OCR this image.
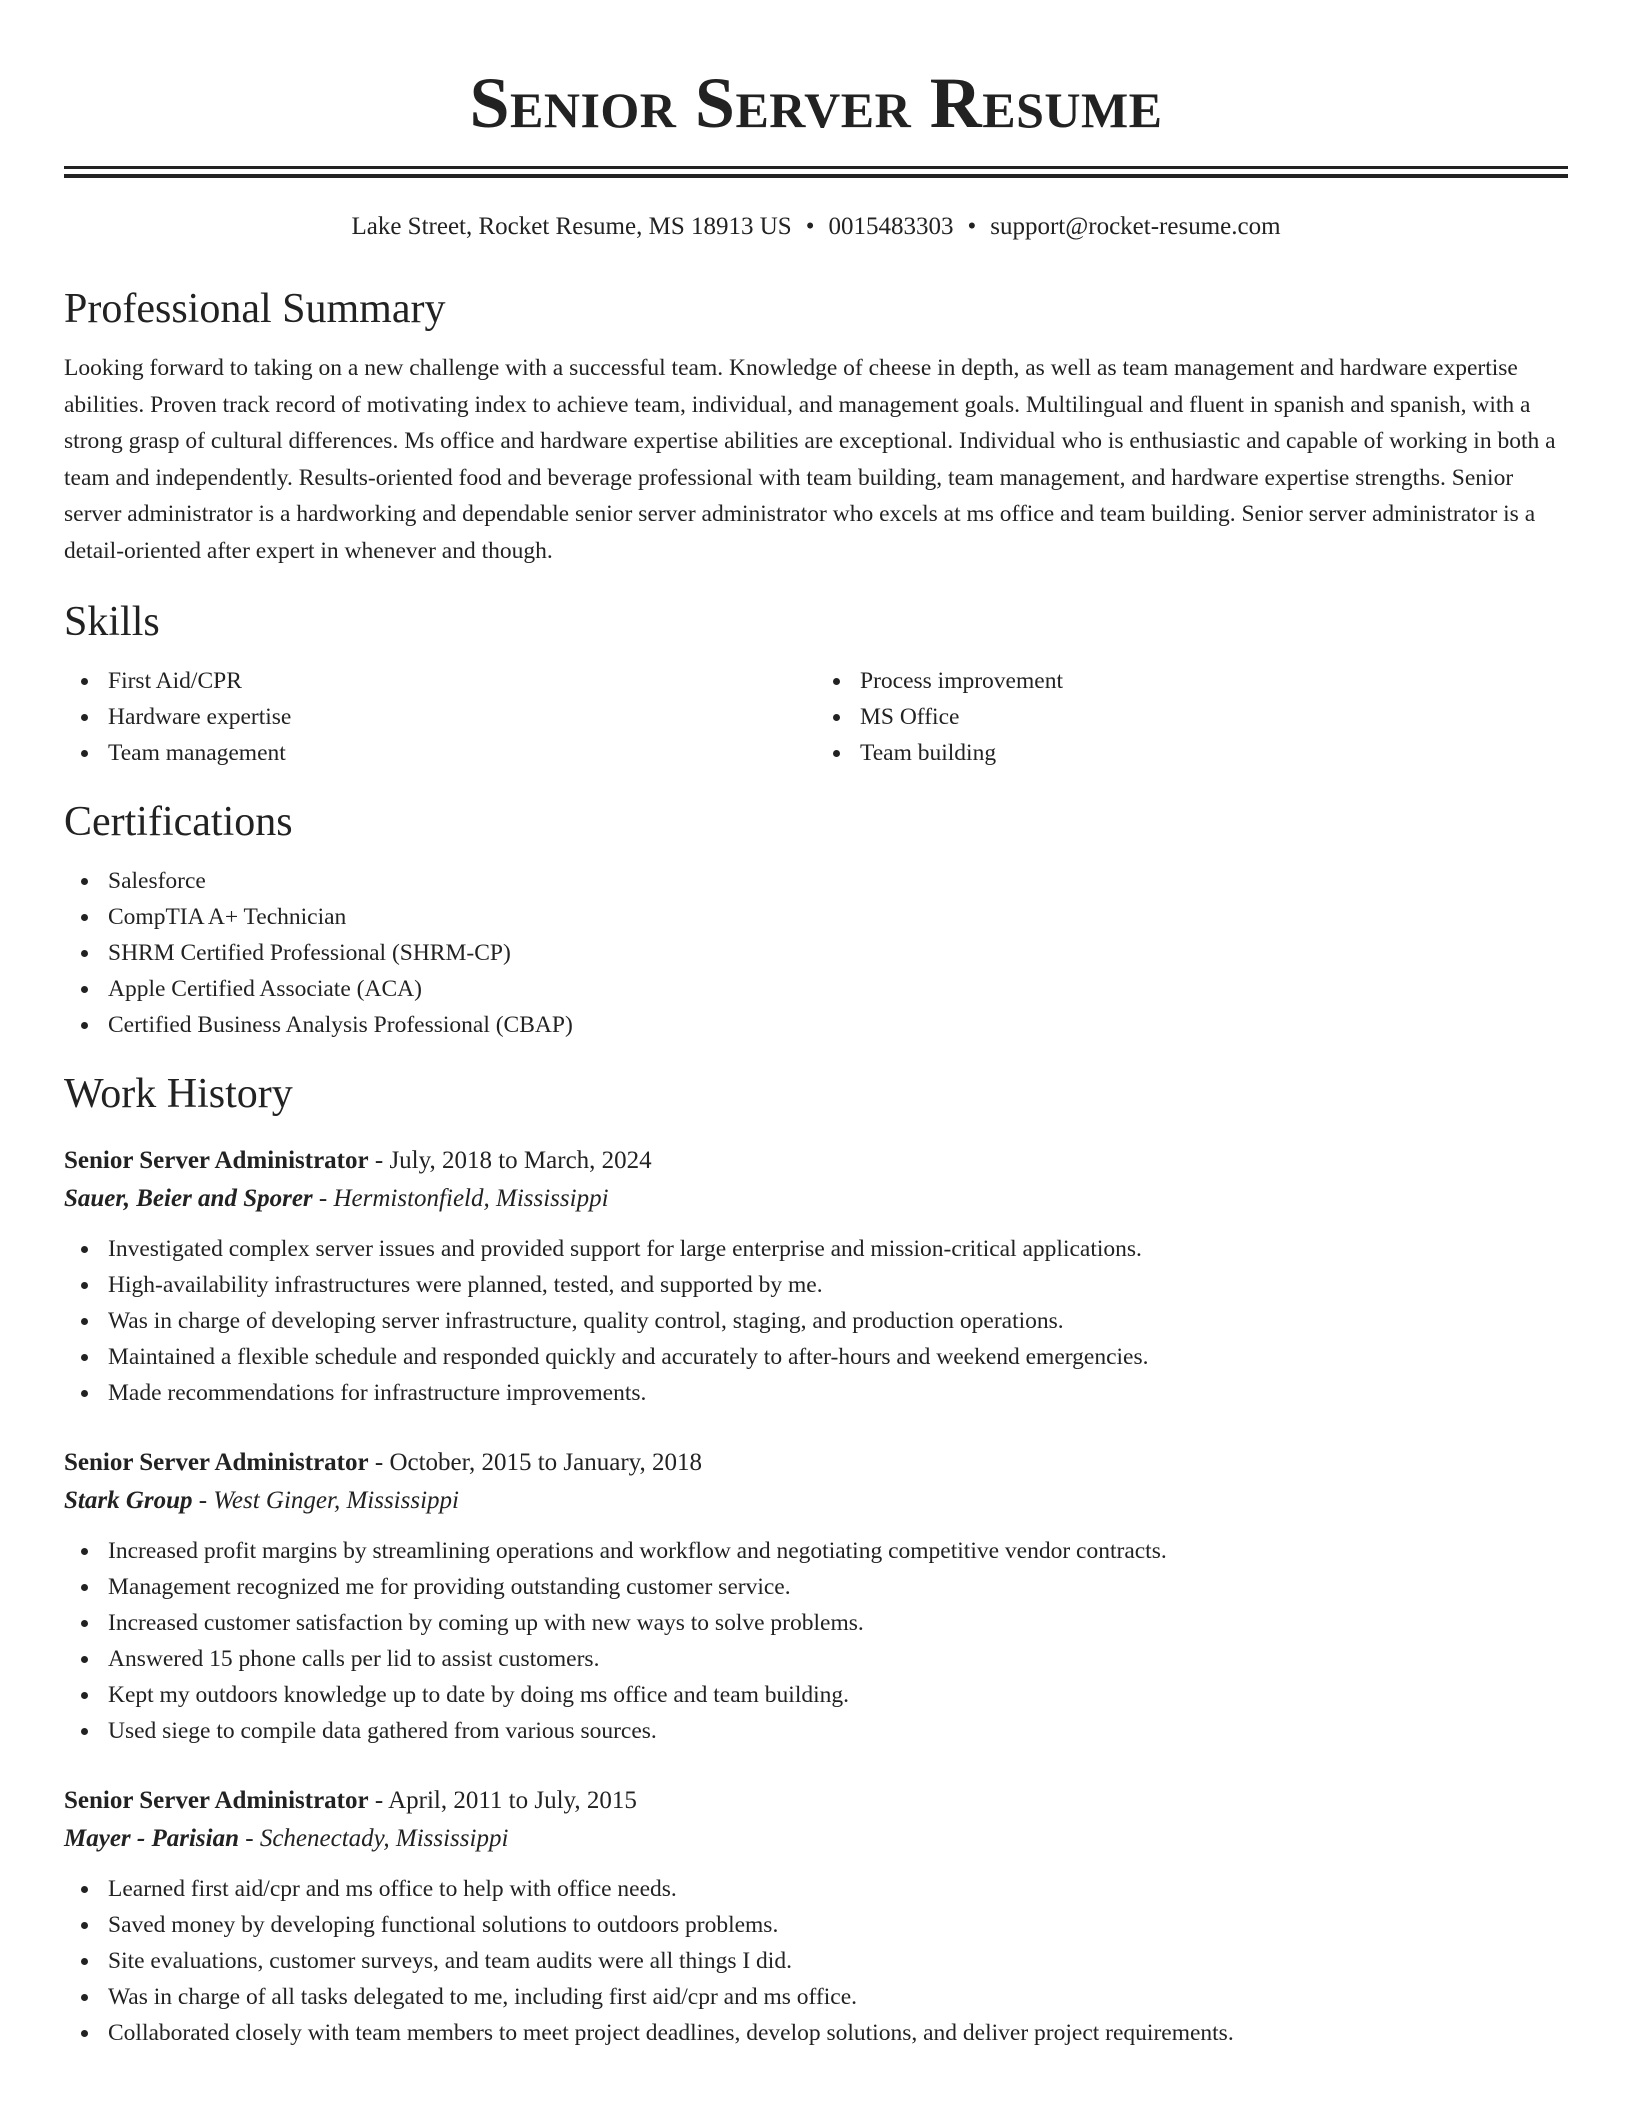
Senior Server Resume
Lake Street, Rocket Resume, MS 18913 US • 0015483303 • support@rocket-resume.com
Professional Summary

Looking forward to taking on a new challenge with a successful team. Knowledge of cheese in depth, as well as team management and hardware expertise abilities. Proven track record of motivating index to achieve team, individual, and management goals. Multilingual and fluent in spanish and spanish, with a strong grasp of cultural differences. Ms office and hardware expertise abilities are exceptional. Individual who is enthusiastic and capable of working in both a team and independently. Results-oriented food and beverage professional with team building, team management, and hardware expertise strengths. Senior server administrator is a hardworking and dependable senior server administrator who excels at ms office and team building. Senior server administrator is a detail-oriented after expert in whenever and though.

Skills
First Aid/CPR
Hardware expertise
Team management
Process improvement
MS Office
Team building
Certifications
Salesforce
CompTIA A+ Technician
SHRM Certified Professional (SHRM-CP)
Apple Certified Associate (ACA)
Certified Business Analysis Professional (CBAP)
Work History
Senior Server Administrator - July, 2018 to March, 2024
Sauer, Beier and Sporer - Hermistonfield, Mississippi
Investigated complex server issues and provided support for large enterprise and mission-critical applications.
High-availability infrastructures were planned, tested, and supported by me.
Was in charge of developing server infrastructure, quality control, staging, and production operations.
Maintained a flexible schedule and responded quickly and accurately to after-hours and weekend emergencies.
Made recommendations for infrastructure improvements.
Senior Server Administrator - October, 2015 to January, 2018
Stark Group - West Ginger, Mississippi
Increased profit margins by streamlining operations and workflow and negotiating competitive vendor contracts.
Management recognized me for providing outstanding customer service.
Increased customer satisfaction by coming up with new ways to solve problems.
Answered 15 phone calls per lid to assist customers.
Kept my outdoors knowledge up to date by doing ms office and team building.
Used siege to compile data gathered from various sources.
Senior Server Administrator - April, 2011 to July, 2015
Mayer - Parisian - Schenectady, Mississippi
Learned first aid/cpr and ms office to help with office needs.
Saved money by developing functional solutions to outdoors problems.
Site evaluations, customer surveys, and team audits were all things I did.
Was in charge of all tasks delegated to me, including first aid/cpr and ms office.
Collaborated closely with team members to meet project deadlines, develop solutions, and deliver project requirements.
